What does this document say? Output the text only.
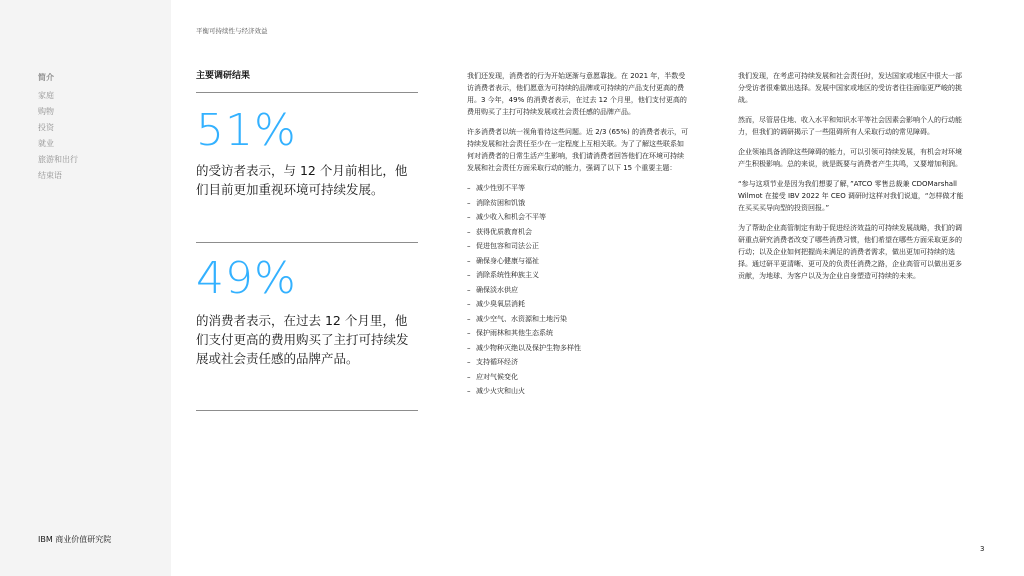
简介
家庭
购物
投资
就业
旅游和出行
结束语
IBM 商业价值研究院
平衡可持续性与经济效益
主要调研结果
51%
的受访者表示，与 12 个月前相比，他们目前更加重视环境可持续发展。
49%
的消费者表示，在过去 12 个月里，他们支付更高的费用购买了主打可持续发展或社会责任感的品牌产品。

我们还发现，消费者的行为开始逐渐与意愿靠拢。在 2021 年，半数受访消费者表示，他们愿意为可持续的品牌或可持续的产品支付更高的费用。3 今年，49% 的消费者表示，在过去 12 个月里，他们支付更高的费用购买了主打可持续发展或社会责任感的品牌产品。

许多消费者以统一视角看待这些问题。近 2/3 (65%) 的消费者表示，可持续发展和社会责任至少在一定程度上互相关联。为了了解这些联系如何对消费者的日常生活产生影响，我们请消费者回答他们在环境可持续发展和社会责任方面采取行动的能力，强调了以下 15 个重要主题：

– 减少性别不平等
– 消除贫困和饥饿
– 减少收入和机会不平等
– 获得优质教育机会
– 促进包容和司法公正
– 确保身心健康与福祉
– 消除系统性种族主义
– 确保淡水供应
– 减少臭氧层消耗
– 减少空气、水资源和土地污染
– 保护雨林和其他生态系统
– 减少物种灭绝以及保护生物多样性
– 支持循环经济
– 应对气候变化
– 减少火灾和山火

我们发现，在考虑可持续发展和社会责任时，发达国家或地区中很大一部分受访者很难做出选择。发展中国家或地区的受访者往往面临更严峻的挑战。

然而，尽管居住地、收入水平和知识水平等社会因素会影响个人的行动能力，但我们的调研揭示了一些阻碍所有人采取行动的常见障碍。

企业领袖具备消除这些障碍的能力，可以引领可持续发展，有机会对环境产生积极影响。总的来说，就是既要与消费者产生共鸣，又要增加利润。

“参与这项节业是因为我们想要了解，”ATCO 零售总裁兼 CDOMarshall Wilmot 在接受 IBV 2022 年 CEO 调研时这样对我们说道，“怎样做才能在买买买导向型的投资回报。”

为了帮助企业高管制定有助于促进经济效益的可持续发展战略，我们的调研重点研究消费者改变了哪些消费习惯，他们希望在哪些方面采取更多的行动；以及企业如何把握尚未满足的消费者需求，做出更加可持续的选择。通过研平更清晰、更可及的负责任消费之路，企业高管可以做出更多贡献，为地球、为客户以及为企业自身塑造可持续的未来。

3
